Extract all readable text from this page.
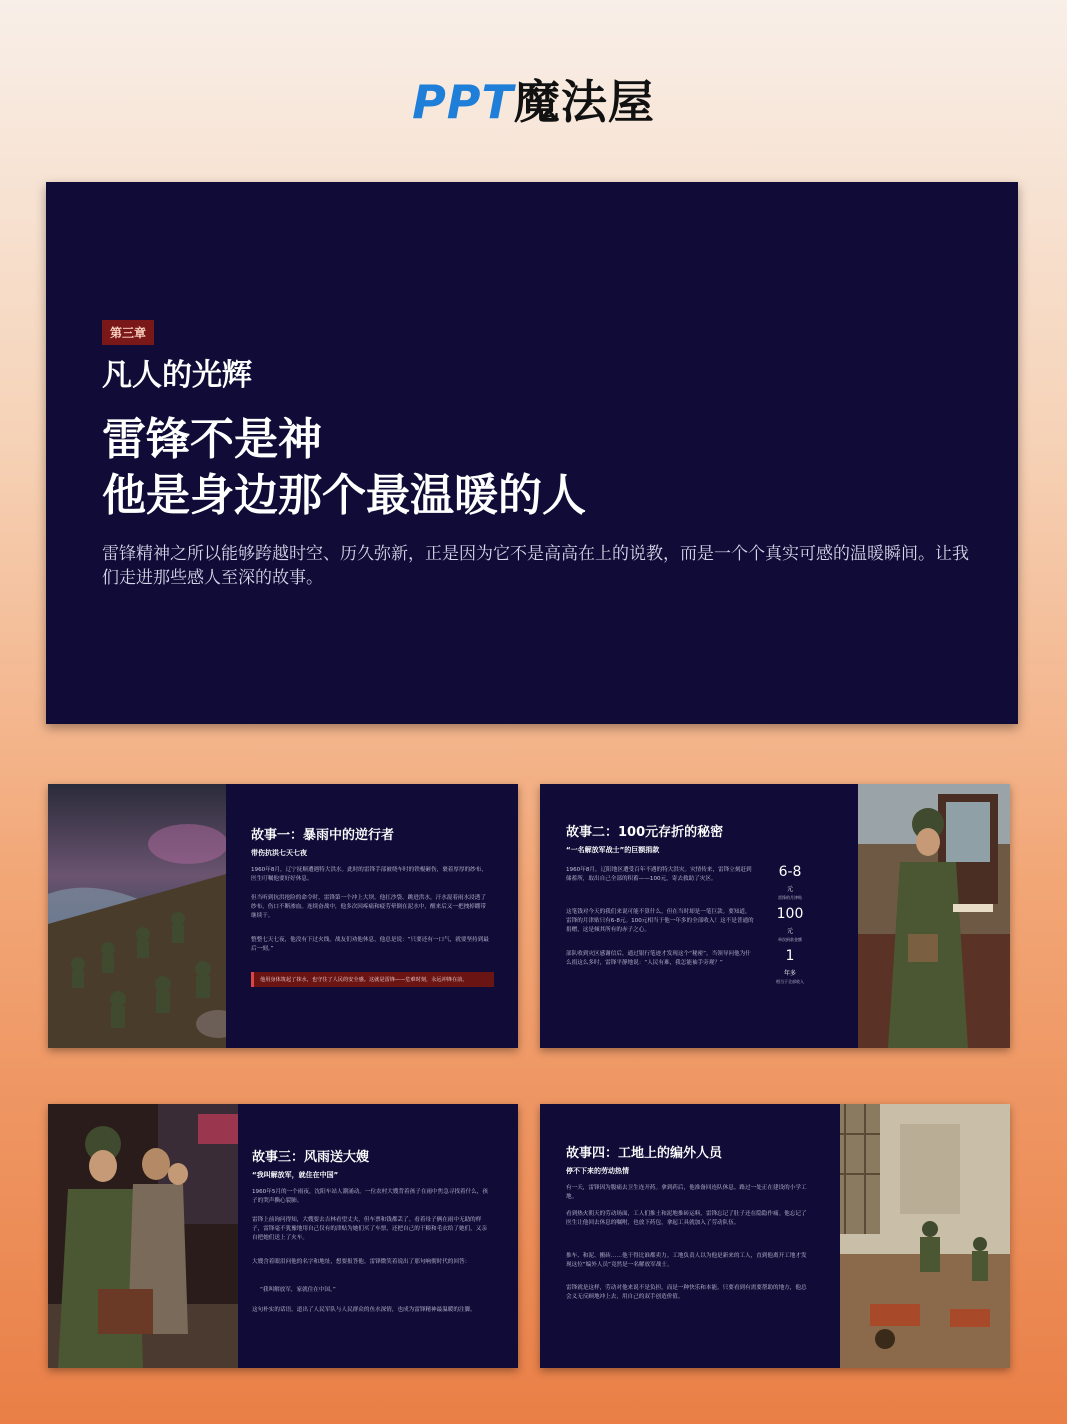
PPT魔法屋
第三章
凡人的光辉
雷锋不是神
他是身边那个最温暖的人
雷锋精神之所以能够跨越时空、历久弥新，正是因为它不是高高在上的说教，而是一个个真实可感的温暖瞬间。让我们走进那些感人至深的故事。
故事一：暴雨中的逆行者
带伤抗洪七天七夜
1960年8月，辽宁抚顺遭遇特大洪水。此时的雷锋手部被绕车时的铁棍砸伤，裹着厚厚的纱布，医生叮嘱他要好好休息。
但当听到抗洪抢险的命令时，雷锋第一个冲上大坝。他扛沙袋、跳进洪水，汗水混着雨水浸透了纱布，伤口不断渗血。连续奋战中，他多次因疼痛和疲劳晕倒在泥水中，醒来后又一把拽掉绷带继续干。
整整七天七夜，他没有下过火线。战友们劝他休息，他总是说：“只要还有一口气，就要坚持到最后一刻。”
他用身体筑起了抹水，也守住了人民的安全感。这就是雷锋——危难时刻，永远冲锋在前。
故事二：100元存折的秘密
“一名解放军战士”的巨额捐款
1960年8月，辽阳地区遭受百年不遇的特大洪灾。灾情传来，雷锋立刻赶到储蓄所，取出自己全部的积蓄——100元，寄去救助了灾区。
这笔钱对今天的我们来说可能不算什么，但在当时却是一笔巨款。要知道，雷锋的月津贴只有6-8元。100元相当于他一年多的全部收入！这不是普通的捐赠，这是倾其所有的赤子之心。
部队收到灾区感谢信后，通过银行笔迹才发现这个“秘密”。当领导问他为什么捐这么多时，雷锋平静地说：“人民有难，我怎能袖手旁观？”
6-8
元
雷锋的月津贴
100
元
单次捐款金额
1
年多
相当于全部收入
故事三：风雨送大嫂
“我叫解放军，就住在中国”
1960年5月的一个雨夜，沈阳车站人潮涌动。一位农村大嫂背着孩子在雨中焦急寻找着什么，孩子的哭声撕心裂肺。
雷锋上前询问得知，大嫂要去吉林看望丈夫，但车票和钱都丢了。看着母子俩在雨中无助的样子，雷锋毫不犹豫地用自己仅有的津贴为她们买了车票，还把自己的干粮和毛衣给了她们，又亲自把她们送上了火车。
大嫂含着眼泪问他的名字和地址，想要报答他。雷锋微笑着说出了那句响彻时代的回答：
“我叫解放军，家就住在中国。”
这句朴实的话语，道出了人民军队与人民群众的鱼水深情，也成为雷锋精神最温暖的注脚。
故事四：工地上的编外人员
停不下来的劳动热情
有一天，雷锋因为腹痛去卫生连开药。拿到药后，他准备回连队休息。路过一处正在建设的小学工地。
看到热火朝天的劳动场面，工人们推土和泥地推砖运料，雷锋忘记了肚子还在隐隐作痛。他忘记了医生让他回去休息的嘱咐，也放下药包，拿起工具就加入了劳动队伍。
推车、和泥、搬砖……他干得比谁都卖力。工地负责人以为他是新来的工人，直到他离开工地才发现这位“编外人员”竟然是一名解放军战士。
雷锋就是这样，劳动对他来说不是负担，而是一种快乐和本能。只要看到有需要帮助的地方，他总会义无反顾地冲上去，用自己的双手创造价值。
